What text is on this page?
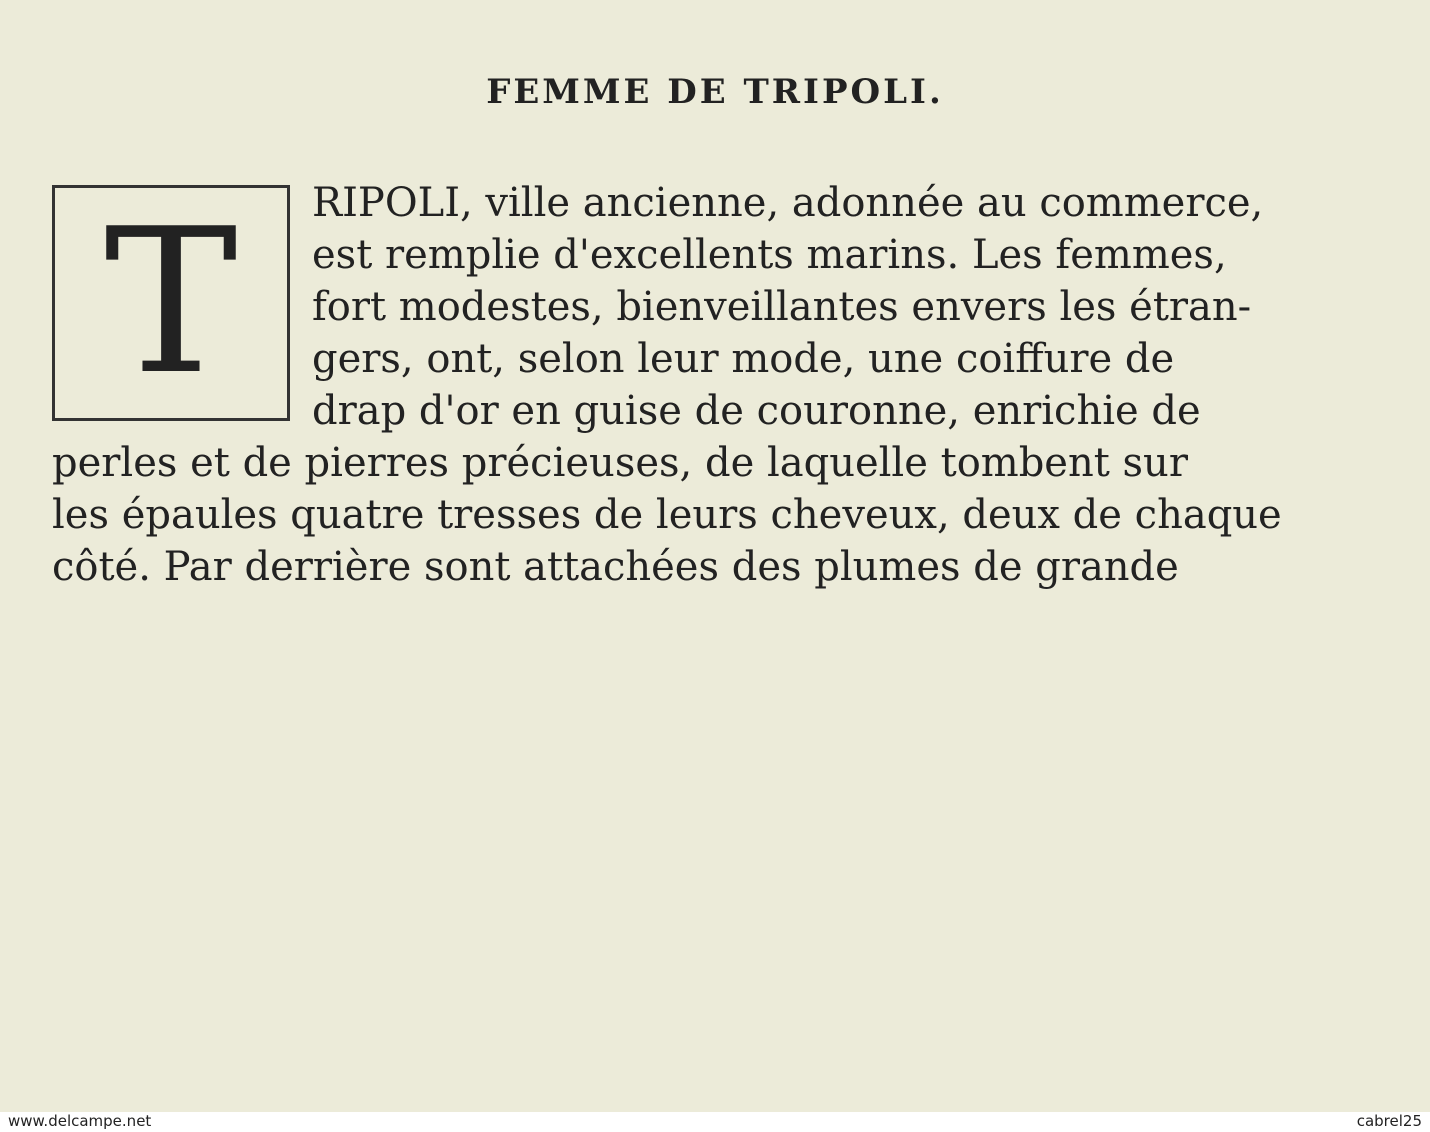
FEMME DE TRIPOLI.
T	RIPOLI, ville ancienne, adonnée au commerce,
est remplie d'excellents marins. Les femmes,
fort modestes, bienveillantes envers les étran-
gers, ont, selon leur mode, une coiffure de
drap d'or en guise de couronne, enrichie de
perles et de pierres précieuses, de laquelle tombent sur
les épaules quatre tresses de leurs cheveux, deux de chaque
côté. Par derrière sont attachées des plumes de grande
www.delcampe.net	cabrel25
